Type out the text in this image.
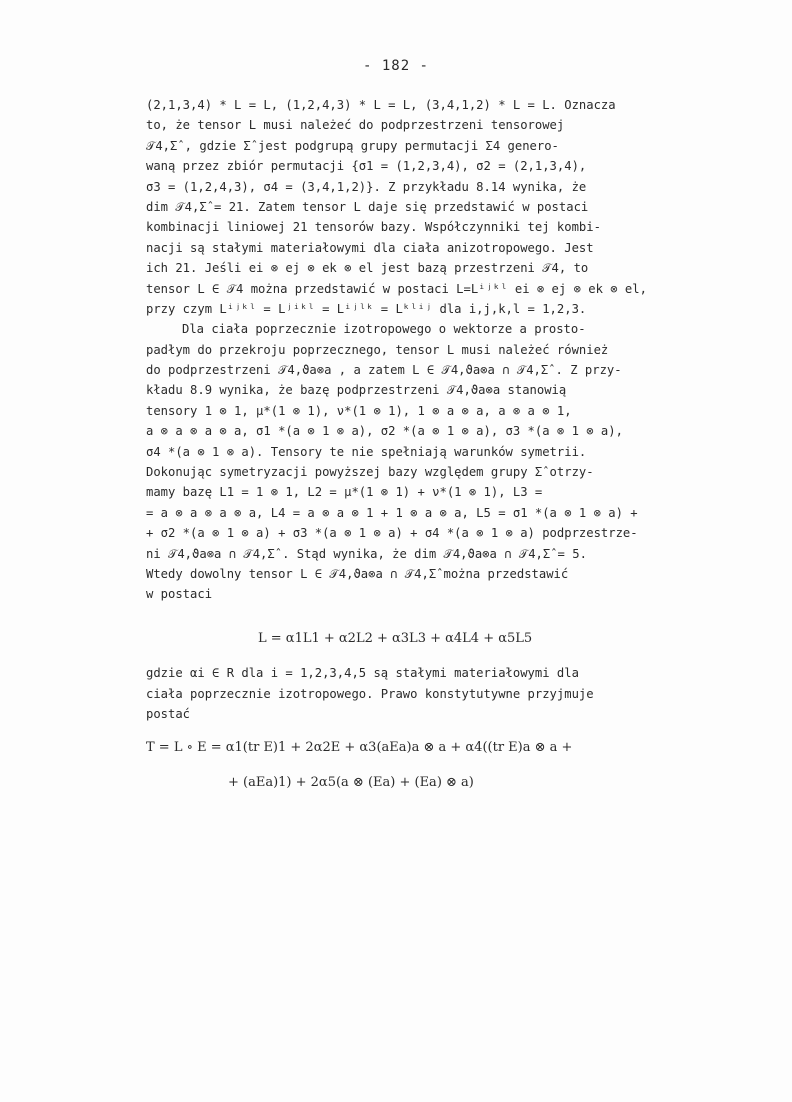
- 182 -
(2,1,3,4) * L = L, (1,2,4,3) * L = L, (3,4,1,2) * L = L. Oznacza
to, że tensor L musi należeć do podprzestrzeni tensorowej
𝒯4,Σ̂ , gdzie Σ̂ jest podgrupą grupy permutacji Σ4 genero-
waną przez zbiór permutacji {σ1 = (1,2,3,4), σ2 = (2,1,3,4),
σ3 = (1,2,4,3), σ4 = (3,4,1,2)}. Z przykładu 8.14 wynika, że
dim 𝒯4,Σ̂ = 21. Zatem tensor L daje się przedstawić w postaci
kombinacji liniowej 21 tensorów bazy. Współczynniki tej kombi-
nacji są stałymi materiałowymi dla ciała anizotropowego. Jest
ich 21. Jeśli ei ⊗ ej ⊗ ek ⊗ el jest bazą przestrzeni 𝒯4, to
tensor L ∈ 𝒯4 można przedstawić w postaci L=Lⁱʲᵏˡ ei ⊗ ej ⊗ ek ⊗ el,
przy czym Lⁱʲᵏˡ = Lʲⁱᵏˡ = Lⁱʲˡᵏ = Lᵏˡⁱʲ dla i,j,k,l = 1,2,3.
Dla ciała poprzecznie izotropowego o wektorze a prosto-
padłym do przekroju poprzecznego, tensor L musi należeć również
do podprzestrzeni 𝒯4,ϑa⊗a , a zatem L ∈ 𝒯4,ϑa⊗a ∩ 𝒯4,Σ̂ . Z przy-
kładu 8.9 wynika, że bazę podprzestrzeni 𝒯4,ϑa⊗a stanowią
tensory 1 ⊗ 1, μ*(1 ⊗ 1), ν*(1 ⊗ 1), 1 ⊗ a ⊗ a, a ⊗ a ⊗ 1,
a ⊗ a ⊗ a ⊗ a, σ1 *(a ⊗ 1 ⊗ a), σ2 *(a ⊗ 1 ⊗ a), σ3 *(a ⊗ 1 ⊗ a),
σ4 *(a ⊗ 1 ⊗ a). Tensory te nie spełniają warunków symetrii.
Dokonując symetryzacji powyższej bazy względem grupy Σ̂ otrzy-
mamy bazę L1 = 1 ⊗ 1, L2 = μ*(1 ⊗ 1) + ν*(1 ⊗ 1), L3 =
= a ⊗ a ⊗ a ⊗ a, L4 = a ⊗ a ⊗ 1 + 1 ⊗ a ⊗ a, L5 = σ1 *(a ⊗ 1 ⊗ a) +
+ σ2 *(a ⊗ 1 ⊗ a) + σ3 *(a ⊗ 1 ⊗ a) + σ4 *(a ⊗ 1 ⊗ a) podprzestrze-
ni 𝒯4,ϑa⊗a ∩ 𝒯4,Σ̂ . Stąd wynika, że dim 𝒯4,ϑa⊗a ∩ 𝒯4,Σ̂ = 5.
Wtedy dowolny tensor L ∈ 𝒯4,ϑa⊗a ∩ 𝒯4,Σ̂ można przedstawić
w postaci
L = α1L1 + α2L2 + α3L3 + α4L4 + α5L5
gdzie αi ∈ R dla i = 1,2,3,4,5 są stałymi materiałowymi dla
ciała poprzecznie izotropowego. Prawo konstytutywne przyjmuje
postać
T = L ∘ E = α1(tr E)1 + 2α2E + α3(aEa)a ⊗ a + α4((tr E)a ⊗ a +
+ (aEa)1) + 2α5(a ⊗ (Ea) + (Ea) ⊗ a)
